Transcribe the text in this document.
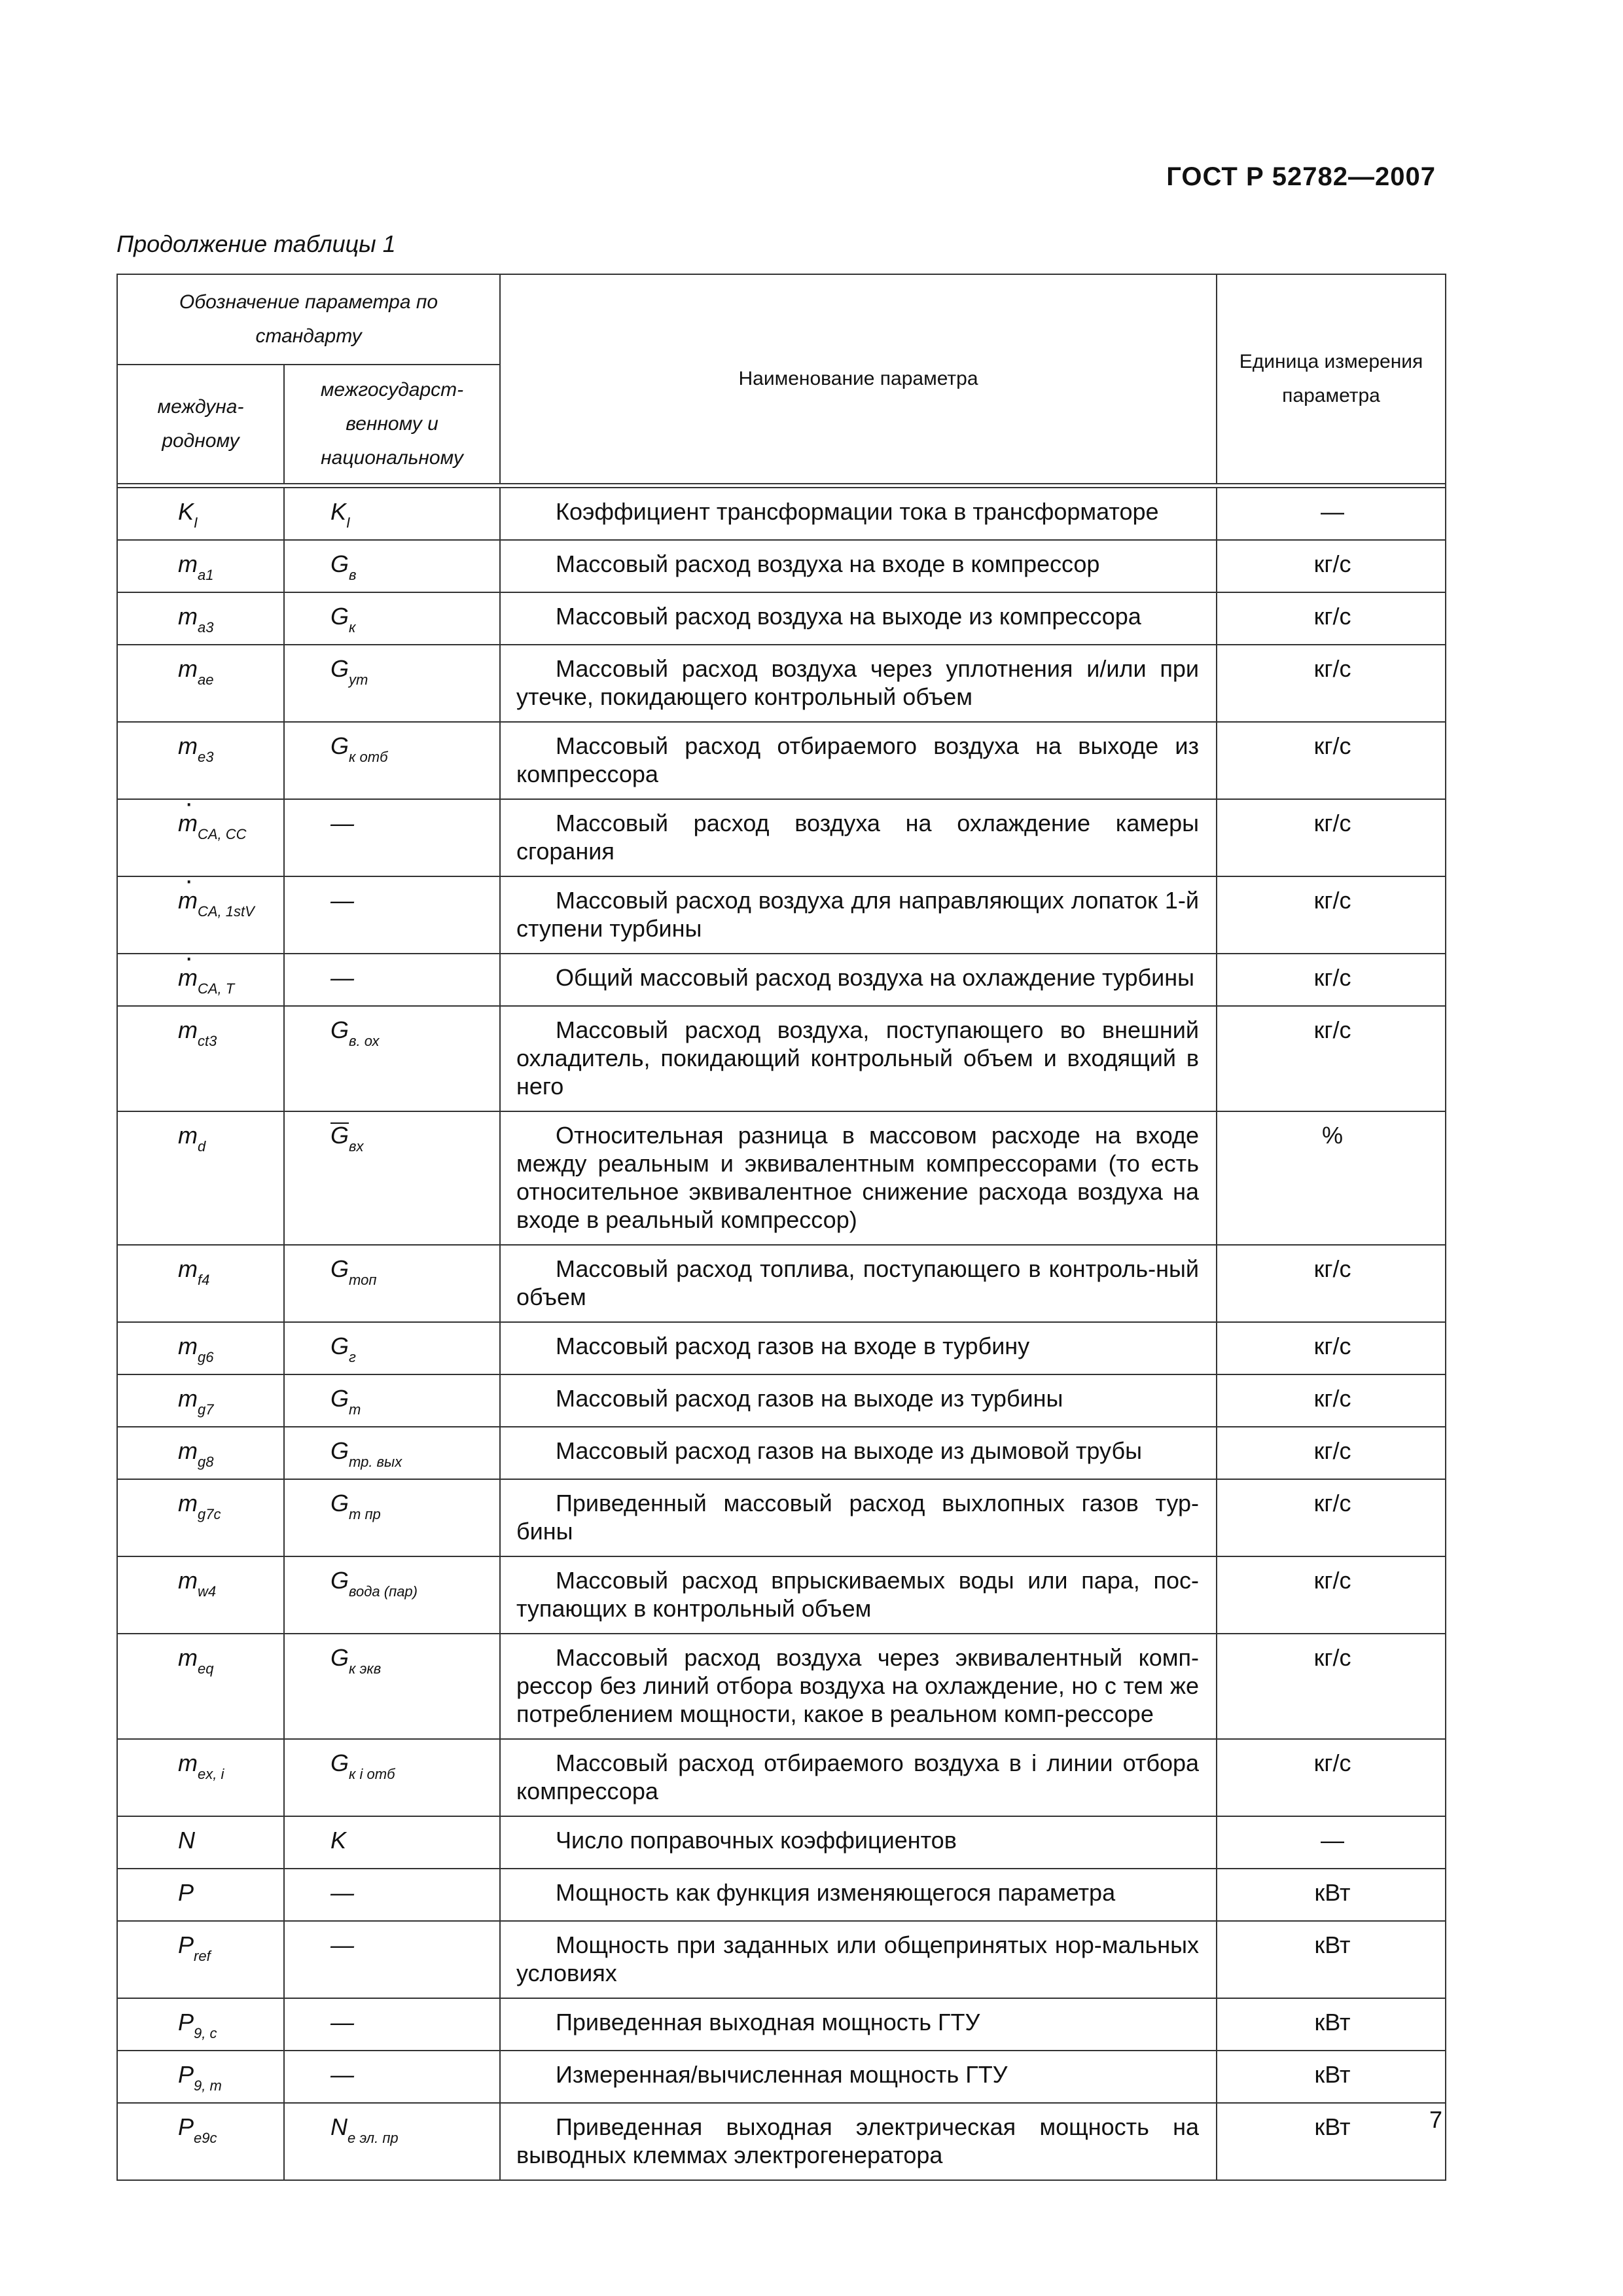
ГОСТ Р 52782—2007
Продолжение таблицы 1
Обозначение параметра по стандарту		Наименование параметра	Единица измерения параметра
междуна-родному	межгосударст-венному и национальному		

$K_I$	$K_I$	Коэффициент трансформации тока в трансформаторе	—
$m_{a1}$	$G_в$	Массовый расход воздуха на входе в компрессор	кг/с
$m_{a3}$	$G_к$	Массовый расход воздуха на выходе из компрессора	кг/с
$m_{ae}$	$G_{ут}$	Массовый расход воздуха через уплотнения и/или при утечке, покидающего контрольный объем	кг/с
$m_{e3}$	$G_{к отб}$	Массовый расход отбираемого воздуха на выходе из компрессора	кг/с
· $m_{CA, CC}$	—	Массовый расход воздуха на охлаждение камеры сгорания	кг/с
· $m_{CA, 1stV}$	—	Массовый расход воздуха для направляющих лопаток 1-й ступени турбины	кг/с
· $m_{CA, T}$	—	Общий массовый расход воздуха на охлаждение турбины	кг/с
$m_{ct3}$	$G_{в. ох}$	Массовый расход воздуха, поступающего во внешний охладитель, покидающий контрольный объем и входящий в него	кг/с
$m_d$	$G_{вх}$	Относительная разница в массовом расходе на входе между реальным и эквивалентным компрессорами (то есть относительное эквивалентное снижение расхода воздуха на входе в реальный компрессор)	%
$m_{f4}$	$G_{топ}$	Массовый расход топлива, поступающего в контроль-ный объем	кг/с
$m_{g6}$	$G_г$	Массовый расход газов на входе в турбину	кг/с
$m_{g7}$	$G_т$	Массовый расход газов на выходе из турбины	кг/с
$m_{g8}$	$G_{тр. вых}$	Массовый расход газов на выходе из дымовой трубы	кг/с
$m_{g7c}$	$G_{т пр}$	Приведенный массовый расход выхлопных газов тур-бины	кг/с
$m_{w4}$	$G_{вода (пар)}$	Массовый расход впрыскиваемых воды или пара, пос-тупающих в контрольный объем	кг/с
$m_{eq}$	$G_{к экв}$	Массовый расход воздуха через эквивалентный комп-рессор без линий отбора воздуха на охлаждение, но с тем же потреблением мощности, какое в реальном комп-рессоре	кг/с
$m_{ex, i}$	$G_{к i отб}$	Массовый расход отбираемого воздуха в i линии отбора компрессора	кг/с
N	K	Число поправочных коэффициентов	—
P	—	Мощность как функция изменяющегося параметра	кВт
$P_{ref}$	—	Мощность при заданных или общепринятых нор-мальных условиях	кВт
$P_{9, c}$	—	Приведенная выходная мощность ГТУ	кВт
$P_{9, m}$	—	Измеренная/вычисленная мощность ГТУ	кВт
$P_{e9c}$	$N_{е эл. пр}$	Приведенная выходная электрическая мощность на выводных клеммах электрогенератора	кВт	7
